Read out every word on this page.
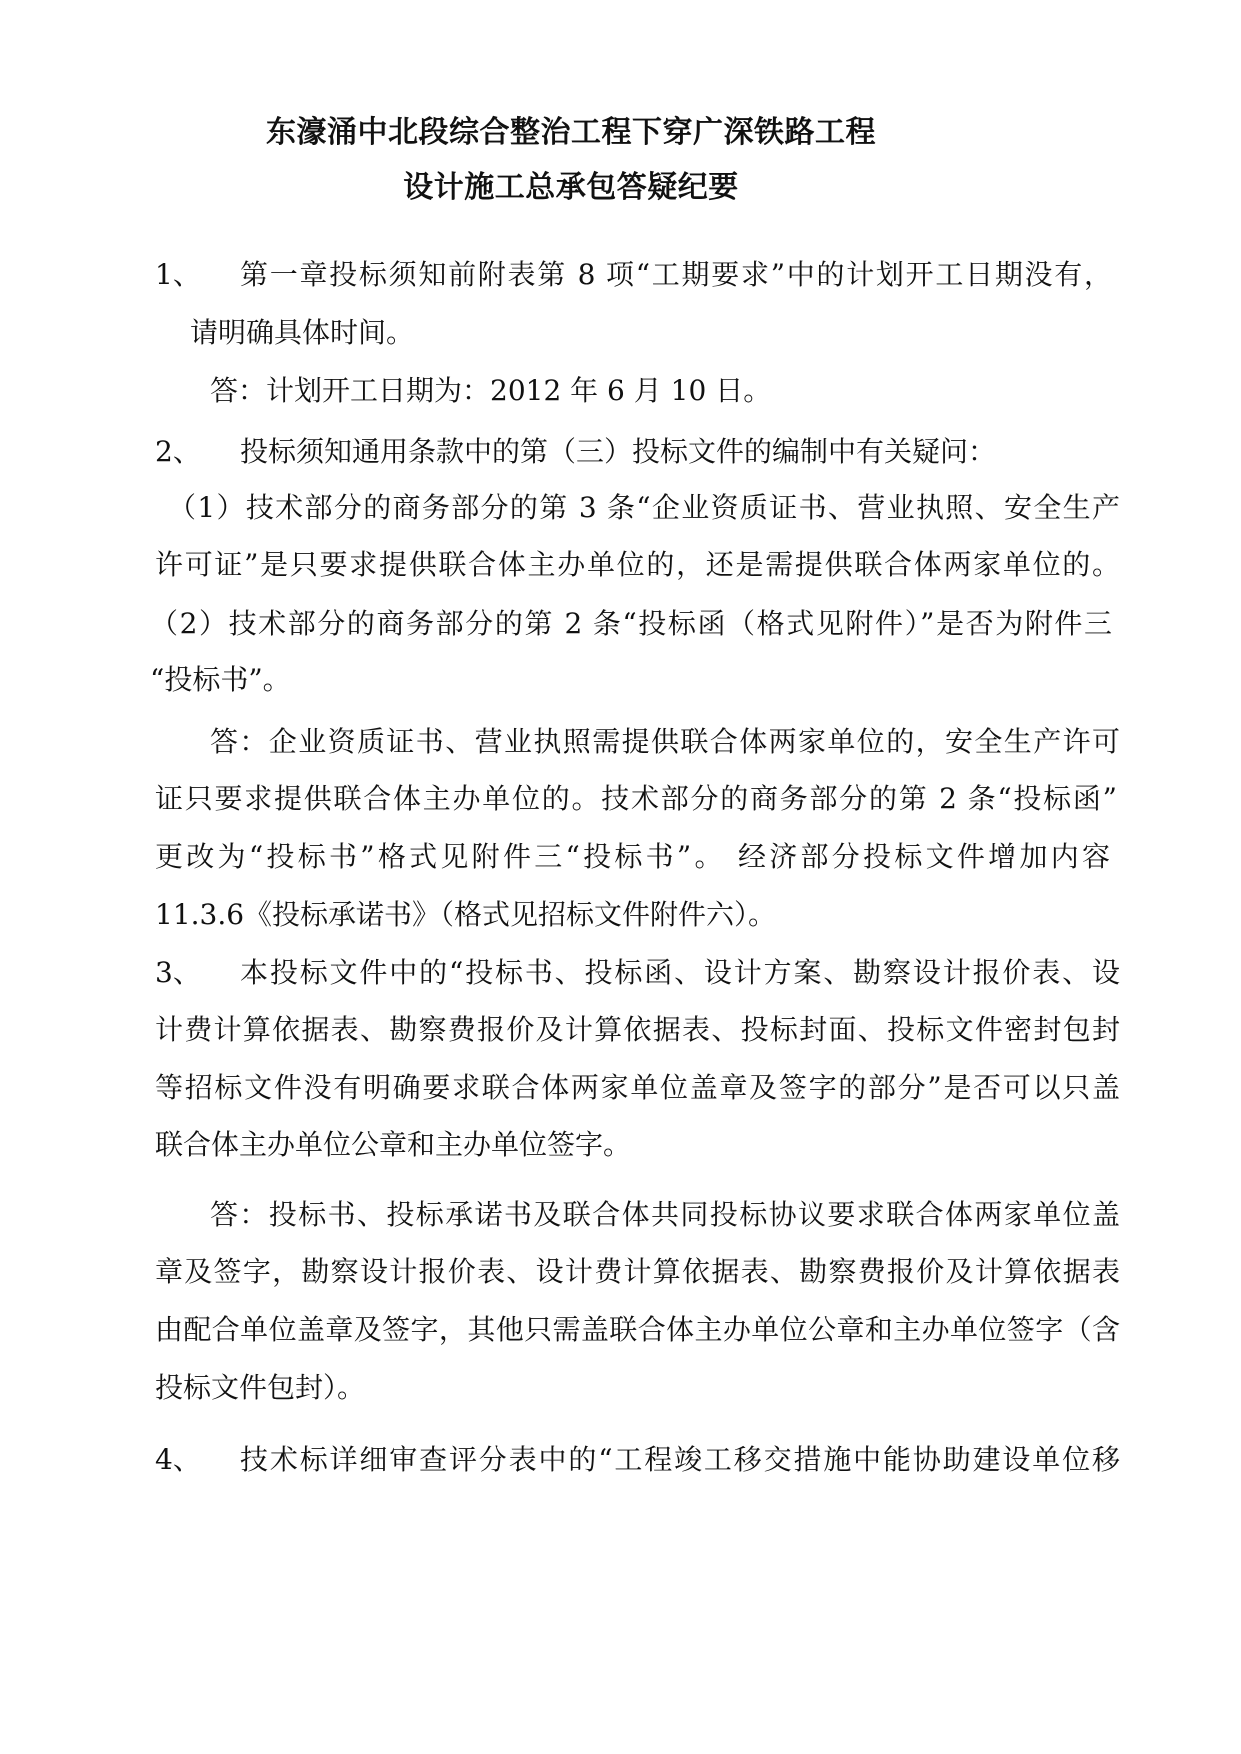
东濠涌中北段综合整治工程下穿广深铁路工程
设计施工总承包答疑纪要
1、 第一章投标须知前附表第 8 项“工期要求”中的计划开工日期没有，
请明确具体时间。
答：计划开工日期为：2012 年 6 月 10 日。
2、 投标须知通用条款中的第（三）投标文件的编制中有关疑问：
（1）技术部分的商务部分的第 3 条“企业资质证书、营业执照、安全生产
许可证”是只要求提供联合体主办单位的，还是需提供联合体两家单位的。
（2）技术部分的商务部分的第 2 条“投标函（格式见附件）”是否为附件三
“投标书”。
答：企业资质证书、营业执照需提供联合体两家单位的，安全生产许可
证只要求提供联合体主办单位的。技术部分的商务部分的第 2 条“投标函”
更改为“投标书”格式见附件三“投标书”。 经济部分投标文件增加内容
11.3.6《投标承诺书》（格式见招标文件附件六）。
3、 本投标文件中的“投标书、投标函、设计方案、勘察设计报价表、设
计费计算依据表、勘察费报价及计算依据表、投标封面、投标文件密封包封
等招标文件没有明确要求联合体两家单位盖章及签字的部分”是否可以只盖
联合体主办单位公章和主办单位签字。
答：投标书、投标承诺书及联合体共同投标协议要求联合体两家单位盖
章及签字，勘察设计报价表、设计费计算依据表、勘察费报价及计算依据表
由配合单位盖章及签字，其他只需盖联合体主办单位公章和主办单位签字（含
投标文件包封）。
4、 技术标详细审查评分表中的“工程竣工移交措施中能协助建设单位移
